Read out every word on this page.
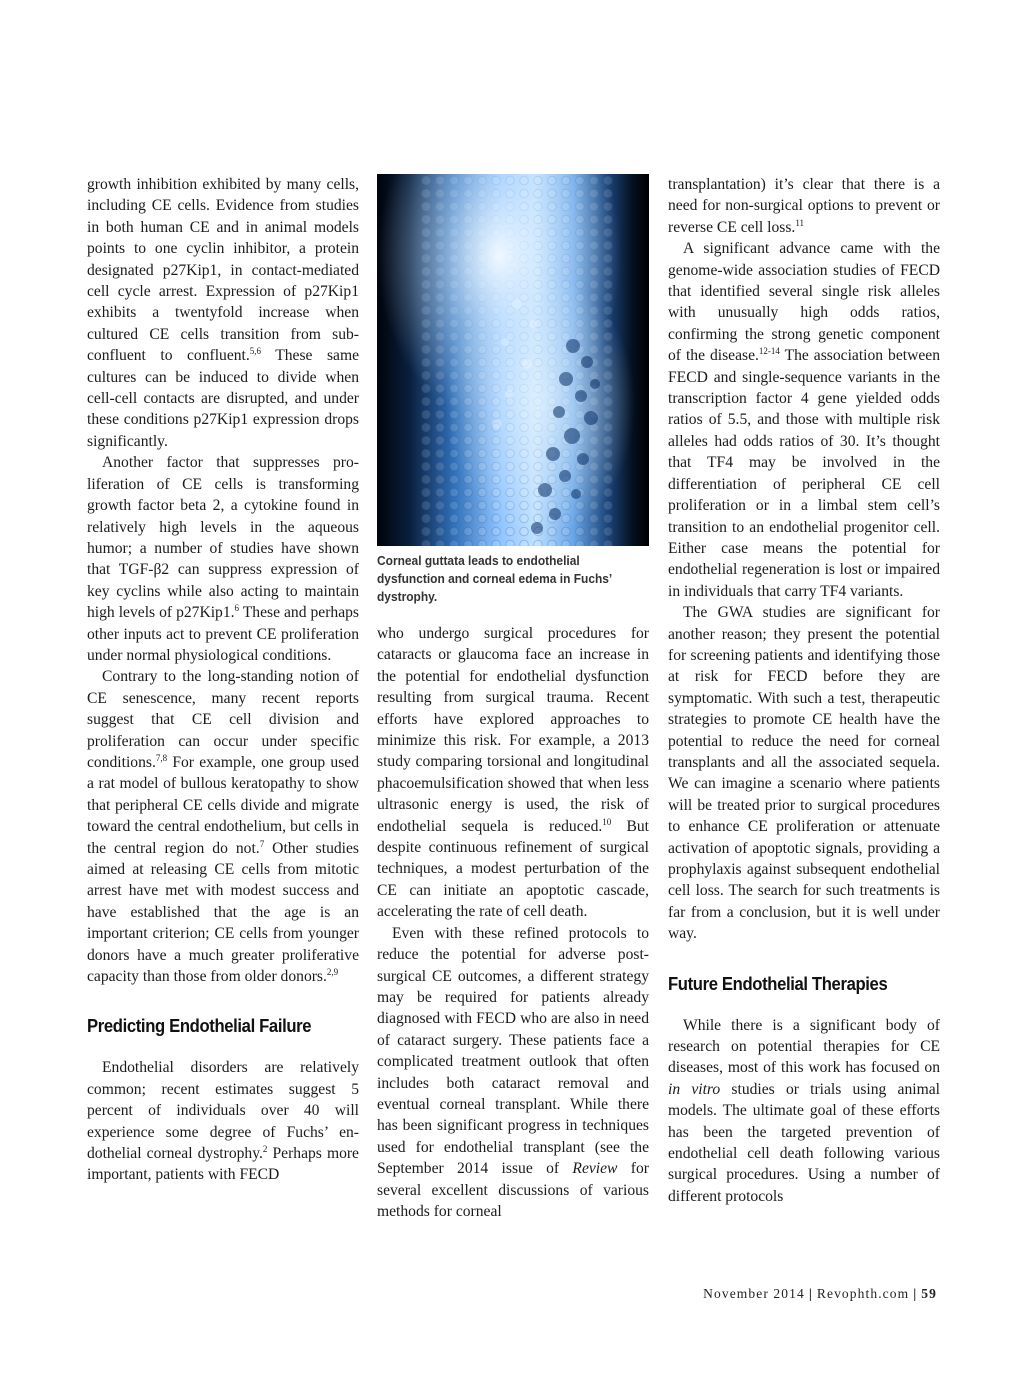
Corneal guttata leads to endothelial dysfunction and corneal edema in Fuchs’ dystrophy.

growth inhibition exhibited by many cells, including CE cells. Evidence from studies in both human CE and in animal models points to one cyclin inhibitor, a protein designated p27Kip1, in contact-mediated cell cycle arrest. Expression of p27Kip1 exhibits a twentyfold increase when cultured CE cells transition from subconfluent to confluent.$^{5,6}$ These same cultures can be induced to divide when cell-cell contacts are disrupted, and under these conditions p27Kip1 expression drops significantly.

Another factor that suppresses proliferation of CE cells is transforming growth factor beta 2, a cytokine found in relatively high levels in the aqueous humor; a number of studies have shown that TGF-β2 can suppress expression of key cyclins while also acting to maintain high levels of p27Kip1.$^6$ These and perhaps other inputs act to prevent CE proliferation under normal physiological conditions.

Contrary to the long-standing notion of CE senescence, many recent reports suggest that CE cell division and proliferation can occur under specific conditions.$^{7,8}$ For example, one group used a rat model of bullous keratopathy to show that peripheral CE cells divide and migrate toward the central endothelium, but cells in the central region do not.$^7$ Other studies aimed at releasing CE cells from mitotic arrest have met with modest success and have established that the age is an important criterion; CE cells from younger donors have a much greater proliferative capacity than those from older donors.$^{2,9}$

Predicting Endothelial Failure

Endothelial disorders are relatively common; recent estimates suggest 5 percent of individuals over 40 will experience some degree of Fuchs’ endothelial corneal dystrophy.$^2$ Perhaps more important, patients with FECD

who undergo surgical procedures for cataracts or glaucoma face an increase in the potential for endothelial dysfunction resulting from surgical trauma. Recent efforts have explored approaches to minimize this risk. For example, a 2013 study comparing torsional and longitudinal phacoemulsification showed that when less ultrasonic energy is used, the risk of endothelial sequela is reduced.$^{10}$ But despite continuous refinement of surgical techniques, a modest perturbation of the CE can initiate an apoptotic cascade, accelerating the rate of cell death.

Even with these refined protocols to reduce the potential for adverse post-surgical CE outcomes, a different strategy may be required for patients already diagnosed with FECD who are also in need of cataract surgery. These patients face a complicated treatment outlook that often includes both cataract removal and eventual corneal transplant. While there has been significant progress in techniques used for endothelial transplant (see the September 2014 issue of Review for several excellent discussions of various methods for corneal

transplantation) it’s clear that there is a need for non-surgical options to prevent or reverse CE cell loss.$^{11}$

A significant advance came with the genome-wide association studies of FECD that identified several single risk alleles with unusually high odds ratios, confirming the strong genetic component of the disease.$^{12-14}$ The association between FECD and single-sequence variants in the transcription factor 4 gene yielded odds ratios of 5.5, and those with multiple risk alleles had odds ratios of 30. It’s thought that TF4 may be involved in the differentiation of peripheral CE cell proliferation or in a limbal stem cell’s transition to an endothelial progenitor cell. Either case means the potential for endothelial regeneration is lost or impaired in individuals that carry TF4 variants.

The GWA studies are significant for another reason; they present the potential for screening patients and identifying those at risk for FECD before they are symptomatic. With such a test, therapeutic strategies to promote CE health have the potential to reduce the need for corneal transplants and all the associated sequela. We can imagine a scenario where patients will be treated prior to surgical procedures to enhance CE proliferation or attenuate activation of apoptotic signals, providing a prophylaxis against subsequent endothelial cell loss. The search for such treatments is far from a conclusion, but it is well under way.

Future Endothelial Therapies

While there is a significant body of research on potential therapies for CE diseases, most of this work has focused on in vitro studies or trials using animal models. The ultimate goal of these efforts has been the targeted prevention of endothelial cell death following various surgical procedures. Using a number of different protocols

November 2014 | Revophth.com | 59
